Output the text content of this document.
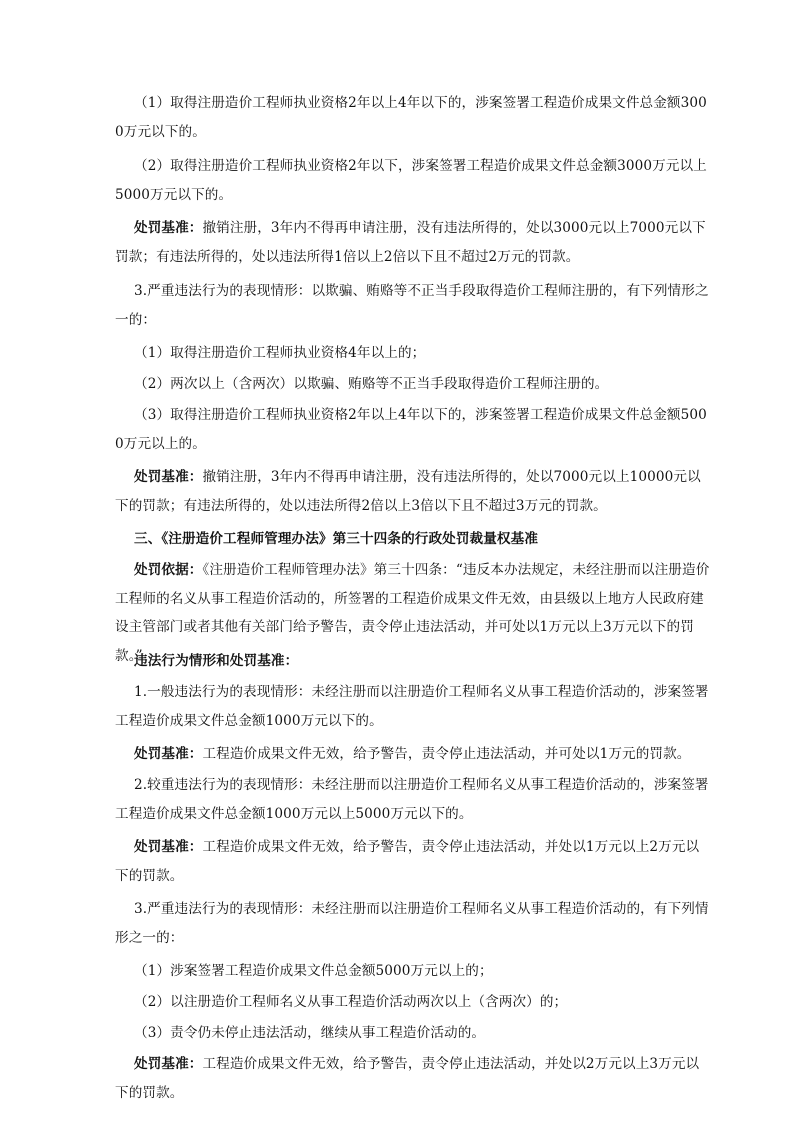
（1）取得注册造价工程师执业资格2年以上4年以下的，涉案签署工程造价成果文件总金额3000万元以下的。

（2）取得注册造价工程师执业资格2年以下，涉案签署工程造价成果文件总金额3000万元以上5000万元以下的。

处罚基准：撤销注册，3年内不得再申请注册，没有违法所得的，处以3000元以上7000元以下罚款；有违法所得的，处以违法所得1倍以上2倍以下且不超过2万元的罚款。

3.严重违法行为的表现情形：以欺骗、贿赂等不正当手段取得造价工程师注册的，有下列情形之一的：

（1）取得注册造价工程师执业资格4年以上的；

（2）两次以上（含两次）以欺骗、贿赂等不正当手段取得造价工程师注册的。

（3）取得注册造价工程师执业资格2年以上4年以下的，涉案签署工程造价成果文件总金额5000万元以上的。

处罚基准：撤销注册，3年内不得再申请注册，没有违法所得的，处以7000元以上10000元以下的罚款；有违法所得的，处以违法所得2倍以上3倍以下且不超过3万元的罚款。

三、《注册造价工程师管理办法》第三十四条的行政处罚裁量权基准

处罚依据：《注册造价工程师管理办法》第三十四条：“违反本办法规定，未经注册而以注册造价工程师的名义从事工程造价活动的，所签署的工程造价成果文件无效，由县级以上地方人民政府建设主管部门或者其他有关部门给予警告，责令停止违法活动，并可处以1万元以上3万元以下的罚款。”

违法行为情形和处罚基准：

1.一般违法行为的表现情形：未经注册而以注册造价工程师名义从事工程造价活动的，涉案签署工程造价成果文件总金额1000万元以下的。

处罚基准：工程造价成果文件无效，给予警告，责令停止违法活动，并可处以1万元的罚款。

2.较重违法行为的表现情形：未经注册而以注册造价工程师名义从事工程造价活动的，涉案签署工程造价成果文件总金额1000万元以上5000万元以下的。

处罚基准：工程造价成果文件无效，给予警告，责令停止违法活动，并处以1万元以上2万元以下的罚款。

3.严重违法行为的表现情形：未经注册而以注册造价工程师名义从事工程造价活动的，有下列情形之一的：

（1）涉案签署工程造价成果文件总金额5000万元以上的；

（2）以注册造价工程师名义从事工程造价活动两次以上（含两次）的；

（3）责令仍未停止违法活动，继续从事工程造价活动的。

处罚基准：工程造价成果文件无效，给予警告，责令停止违法活动，并处以2万元以上3万元以下的罚款。
